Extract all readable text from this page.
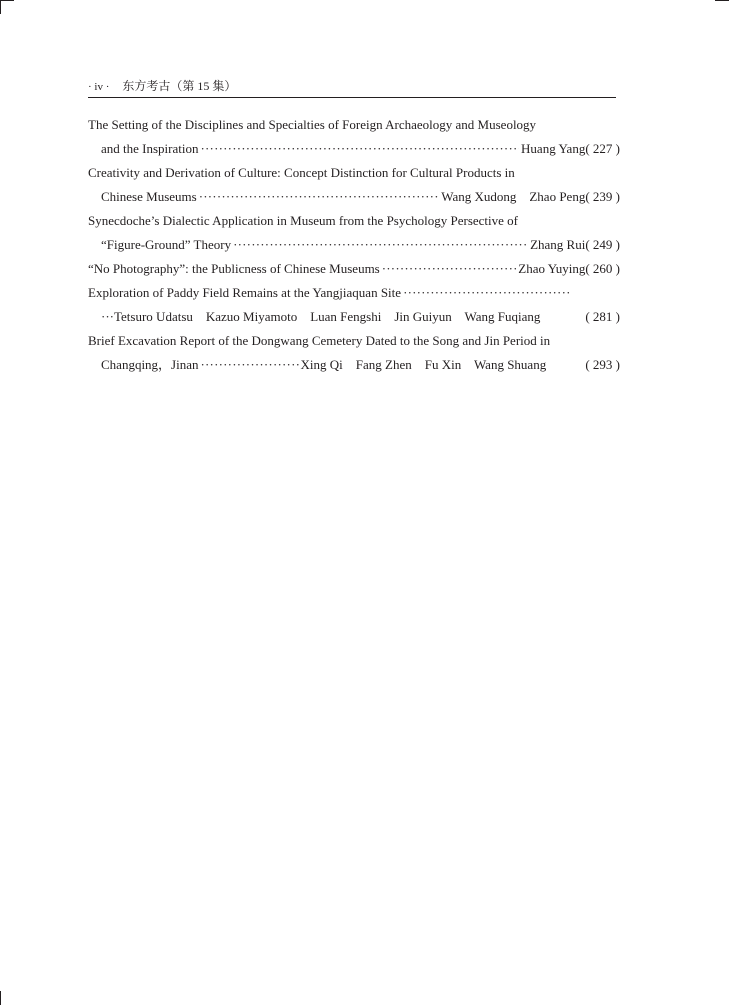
· iv · 东方考古（第 15 集）
The Setting of the Disciplines and Specialties of Foreign Archaeology and Museology
and the Inspiration ·····	Huang Yang ( 227 )
Creativity and Derivation of Culture: Concept Distinction for Cultural Products in
Chinese Museums ·····	Wang Xudong    Zhao Peng ( 239 )
Synecdoche’s Dialectic Application in Museum from the Psychology Persective of
“Figure-Ground” Theory ·····	Zhang Rui ( 249 )
“No Photography”: the Publicness of Chinese Museums ·····	Zhao Yuying ( 260 )
Exploration of Paddy Field Remains at the Yangjiaquan Site
·····
··· Tetsuro Udatsu    Kazuo Miyamoto    Luan Fengshi    Jin Guiyun    Wang Fuqiang	( 281 )
Brief Excavation Report of the Dongwang Cemetery Dated to the Song and Jin Period in
Changqing，Jinan ·····	Xing Qi    Fang Zhen    Fu Xin    Wang Shuang	( 293 )
